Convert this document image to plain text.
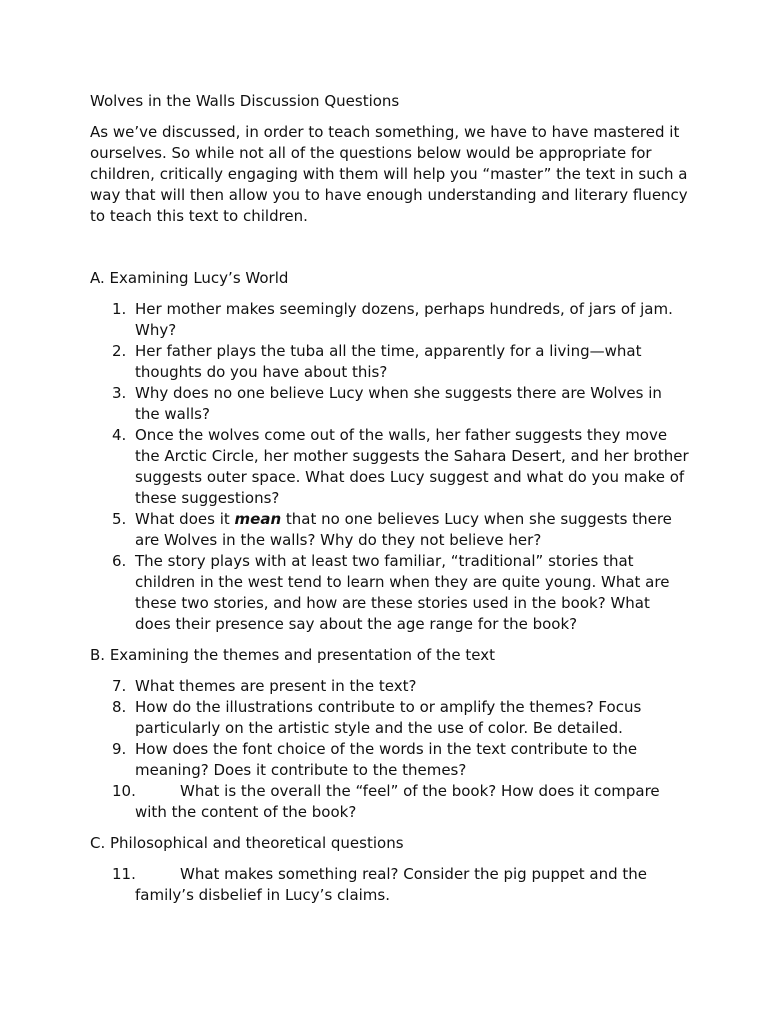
Wolves in the Walls Discussion Questions

As we’ve discussed, in order to teach something, we have to have mastered it ourselves. So while not all of the questions below would be appropriate for children, critically engaging with them will help you “master” the text in such a way that will then allow you to have enough understanding and literary fluency to teach this text to children.

A. Examining Lucy’s World

1. Her mother makes seemingly dozens, perhaps hundreds, of jars of jam. Why?
2. Her father plays the tuba all the time, apparently for a living—what thoughts do you have about this?
3. Why does no one believe Lucy when she suggests there are Wolves in the walls?
4. Once the wolves come out of the walls, her father suggests they move the Arctic Circle, her mother suggests the Sahara Desert, and her brother suggests outer space. What does Lucy suggest and what do you make of these suggestions?
5. What does it mean that no one believes Lucy when she suggests there are Wolves in the walls? Why do they not believe her?
6. The story plays with at least two familiar, “traditional” stories that children in the west tend to learn when they are quite young. What are these two stories, and how are these stories used in the book? What does their presence say about the age range for the book?

B. Examining the themes and presentation of the text

7. What themes are present in the text?
8. How do the illustrations contribute to or amplify the themes? Focus particularly on the artistic style and the use of color. Be detailed.
9. How does the font choice of the words in the text contribute to the meaning? Does it contribute to the themes?
10.	What is the overall the “feel” of the book? How does it compare with the content of the book?

C. Philosophical and theoretical questions

11.	What makes something real? Consider the pig puppet and the family’s disbelief in Lucy’s claims.
